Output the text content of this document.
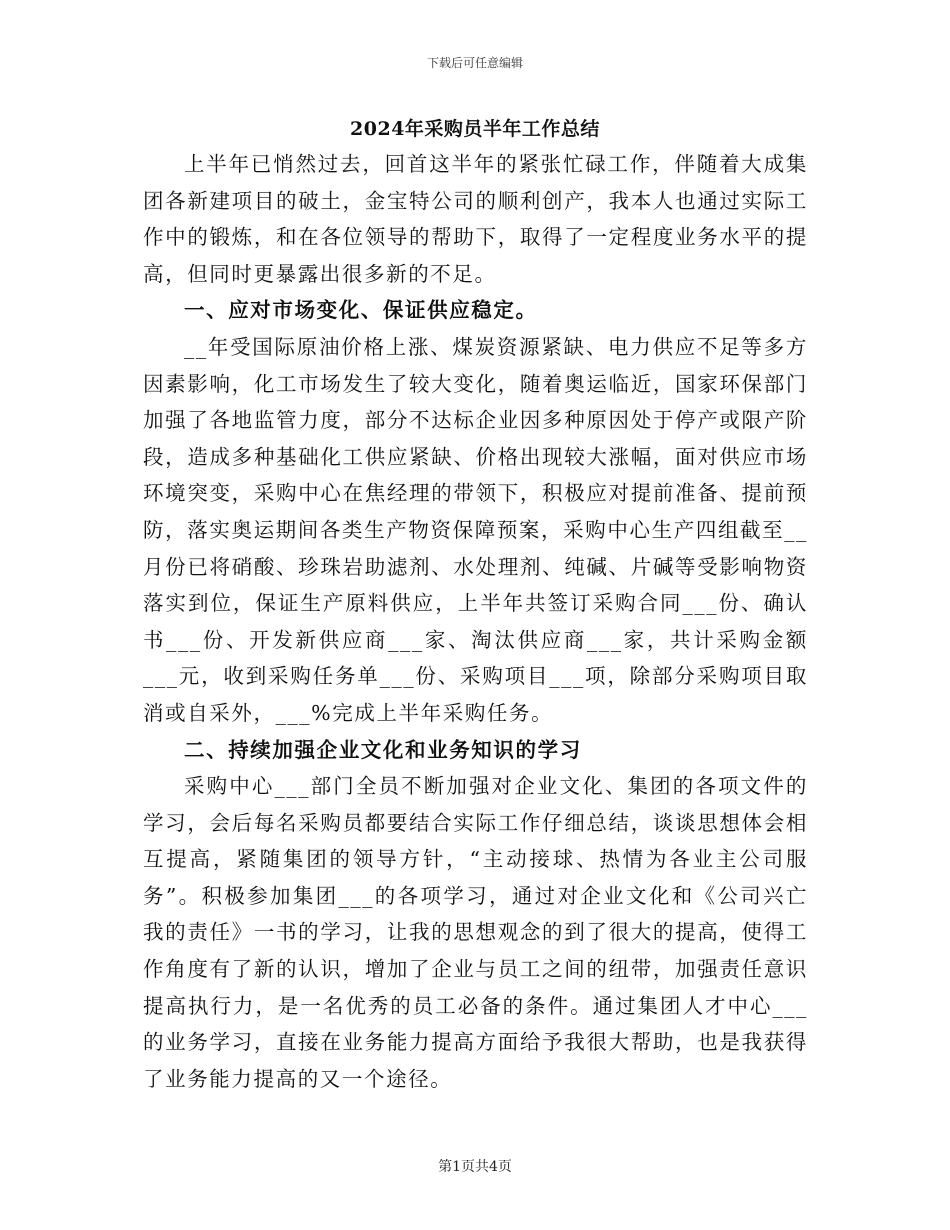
下载后可任意编辑
2024年采购员半年工作总结

上半年已悄然过去，回首这半年的紧张忙碌工作，伴随着大成集团各新建项目的破土，金宝特公司的顺利创产，我本人也通过实际工作中的锻炼，和在各位领导的帮助下，取得了一定程度业务水平的提高，但同时更暴露出很多新的不足。

一、应对市场变化、保证供应稳定。

__年受国际原油价格上涨、煤炭资源紧缺、电力供应不足等多方因素影响，化工市场发生了较大变化，随着奥运临近，国家环保部门加强了各地监管力度，部分不达标企业因多种原因处于停产或限产阶段，造成多种基础化工供应紧缺、价格出现较大涨幅，面对供应市场环境突变，采购中心在焦经理的带领下，积极应对提前准备、提前预防，落实奥运期间各类生产物资保障预案，采购中心生产四组截至__月份已将硝酸、珍珠岩助滤剂、水处理剂、纯碱、片碱等受影响物资落实到位，保证生产原料供应，上半年共签订采购合同___份、确认书___份、开发新供应商___家、淘汰供应商___家，共计采购金额___元，收到采购任务单___份、采购项目___项，除部分采购项目取消或自采外，___%完成上半年采购任务。

二、持续加强企业文化和业务知识的学习

采购中心___部门全员不断加强对企业文化、集团的各项文件的学习，会后每名采购员都要结合实际工作仔细总结，谈谈思想体会相互提高，紧随集团的领导方针，“主动接球、热情为各业主公司服务”。积极参加集团___的各项学习，通过对企业文化和《公司兴亡我的责任》一书的学习，让我的思想观念的到了很大的提高，使得工作角度有了新的认识，增加了企业与员工之间的纽带，加强责任意识提高执行力，是一名优秀的员工必备的条件。通过集团人才中心___的业务学习，直接在业务能力提高方面给予我很大帮助，也是我获得了业务能力提高的又一个途径。

第1页共4页
